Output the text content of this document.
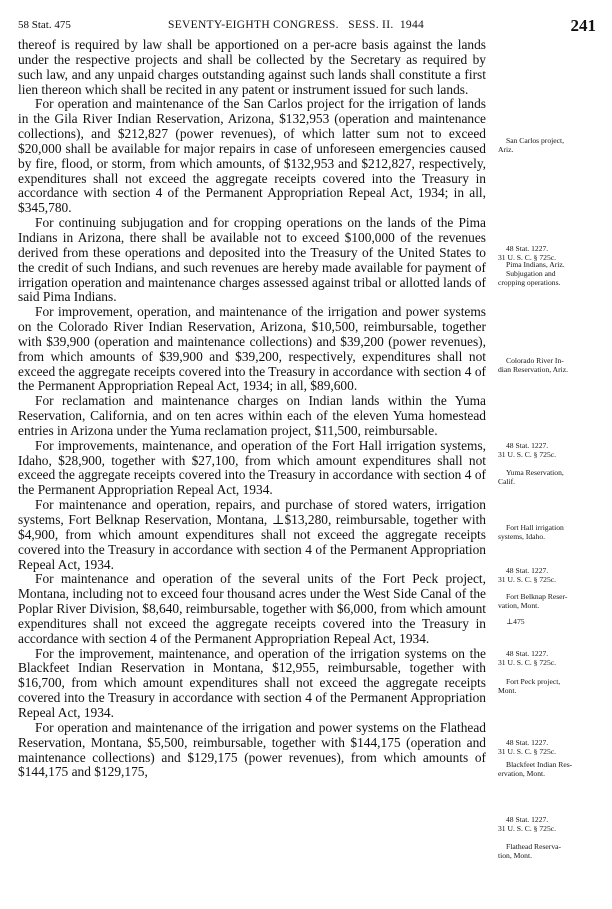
58 Stat. 475	SEVENTY-EIGHTH CONGRESS. SESS. II. 1944	241

thereof is required by law shall be apportioned on a per-acre basis against the lands under the respective projects and shall be collected by the Secretary as required by such law, and any unpaid charges outstanding against such lands shall constitute a first lien thereon which shall be recited in any patent or instrument issued for such lands.

For operation and maintenance of the San Carlos project for the irrigation of lands in the Gila River Indian Reservation, Arizona, $132,953 (operation and maintenance collections), and $212,827 (power revenues), of which latter sum not to exceed $20,000 shall be available for major repairs in case of unforeseen emergencies caused by fire, flood, or storm, from which amounts, of $132,953 and $212,827, respectively, expenditures shall not exceed the aggregate receipts covered into the Treasury in accordance with section 4 of the Permanent Appropriation Repeal Act, 1934; in all, $345,780.

For continuing subjugation and for cropping operations on the lands of the Pima Indians in Arizona, there shall be available not to exceed $100,000 of the revenues derived from these operations and deposited into the Treasury of the United States to the credit of such Indians, and such revenues are hereby made available for payment of irrigation operation and maintenance charges assessed against tribal or allotted lands of said Pima Indians.

For improvement, operation, and maintenance of the irrigation and power systems on the Colorado River Indian Reservation, Arizona, $10,500, reimbursable, together with $39,900 (operation and maintenance collections) and $39,200 (power revenues), from which amounts of $39,900 and $39,200, respectively, expenditures shall not exceed the aggregate receipts covered into the Treasury in accordance with section 4 of the Permanent Appropriation Repeal Act, 1934; in all, $89,600.

For reclamation and maintenance charges on Indian lands within the Yuma Reservation, California, and on ten acres within each of the eleven Yuma homestead entries in Arizona under the Yuma reclamation project, $11,500, reimbursable.

For improvements, maintenance, and operation of the Fort Hall irrigation systems, Idaho, $28,900, together with $27,100, from which amount expenditures shall not exceed the aggregate receipts covered into the Treasury in accordance with section 4 of the Permanent Appropriation Repeal Act, 1934.

For maintenance and operation, repairs, and purchase of stored waters, irrigation systems, Fort Belknap Reservation, Montana, ⊥$13,280, reimbursable, together with $4,900, from which amount expenditures shall not exceed the aggregate receipts covered into the Treasury in accordance with section 4 of the Permanent Appropriation Repeal Act, 1934.

For maintenance and operation of the several units of the Fort Peck project, Montana, including not to exceed four thousand acres under the West Side Canal of the Poplar River Division, $8,640, reimbursable, together with $6,000, from which amount expenditures shall not exceed the aggregate receipts covered into the Treasury in accordance with section 4 of the Permanent Appropriation Repeal Act, 1934.

For the improvement, maintenance, and operation of the irrigation systems on the Blackfeet Indian Reservation in Montana, $12,955, reimbursable, together with $16,700, from which amount expenditures shall not exceed the aggregate receipts covered into the Treasury in accordance with section 4 of the Permanent Appropriation Repeal Act, 1934.

For operation and maintenance of the irrigation and power systems on the Flathead Reservation, Montana, $5,500, reimbursable, together with $144,175 (operation and maintenance collections) and $129,175 (power revenues), from which amounts of $144,175 and $129,175,

San Carlos project,
Ariz.
48 Stat. 1227.
31 U. S. C. § 725c.
Pima Indians, Ariz.
Subjugation and
cropping operations.
Colorado River In-
dian Reservation, Ariz.
48 Stat. 1227.
31 U. S. C. § 725c.
Yuma Reservation,
Calif.
Fort Hall irrigation
systems, Idaho.
48 Stat. 1227.
31 U. S. C. § 725c.
Fort Belknap Reser-
vation, Mont.
⊥475
48 Stat. 1227.
31 U. S. C. § 725c.
Fort Peck project,
Mont.
48 Stat. 1227.
31 U. S. C. § 725c.
Blackfeet Indian Res-
ervation, Mont.
48 Stat. 1227.
31 U. S. C. § 725c.
Flathead Reserva-
tion, Mont.
